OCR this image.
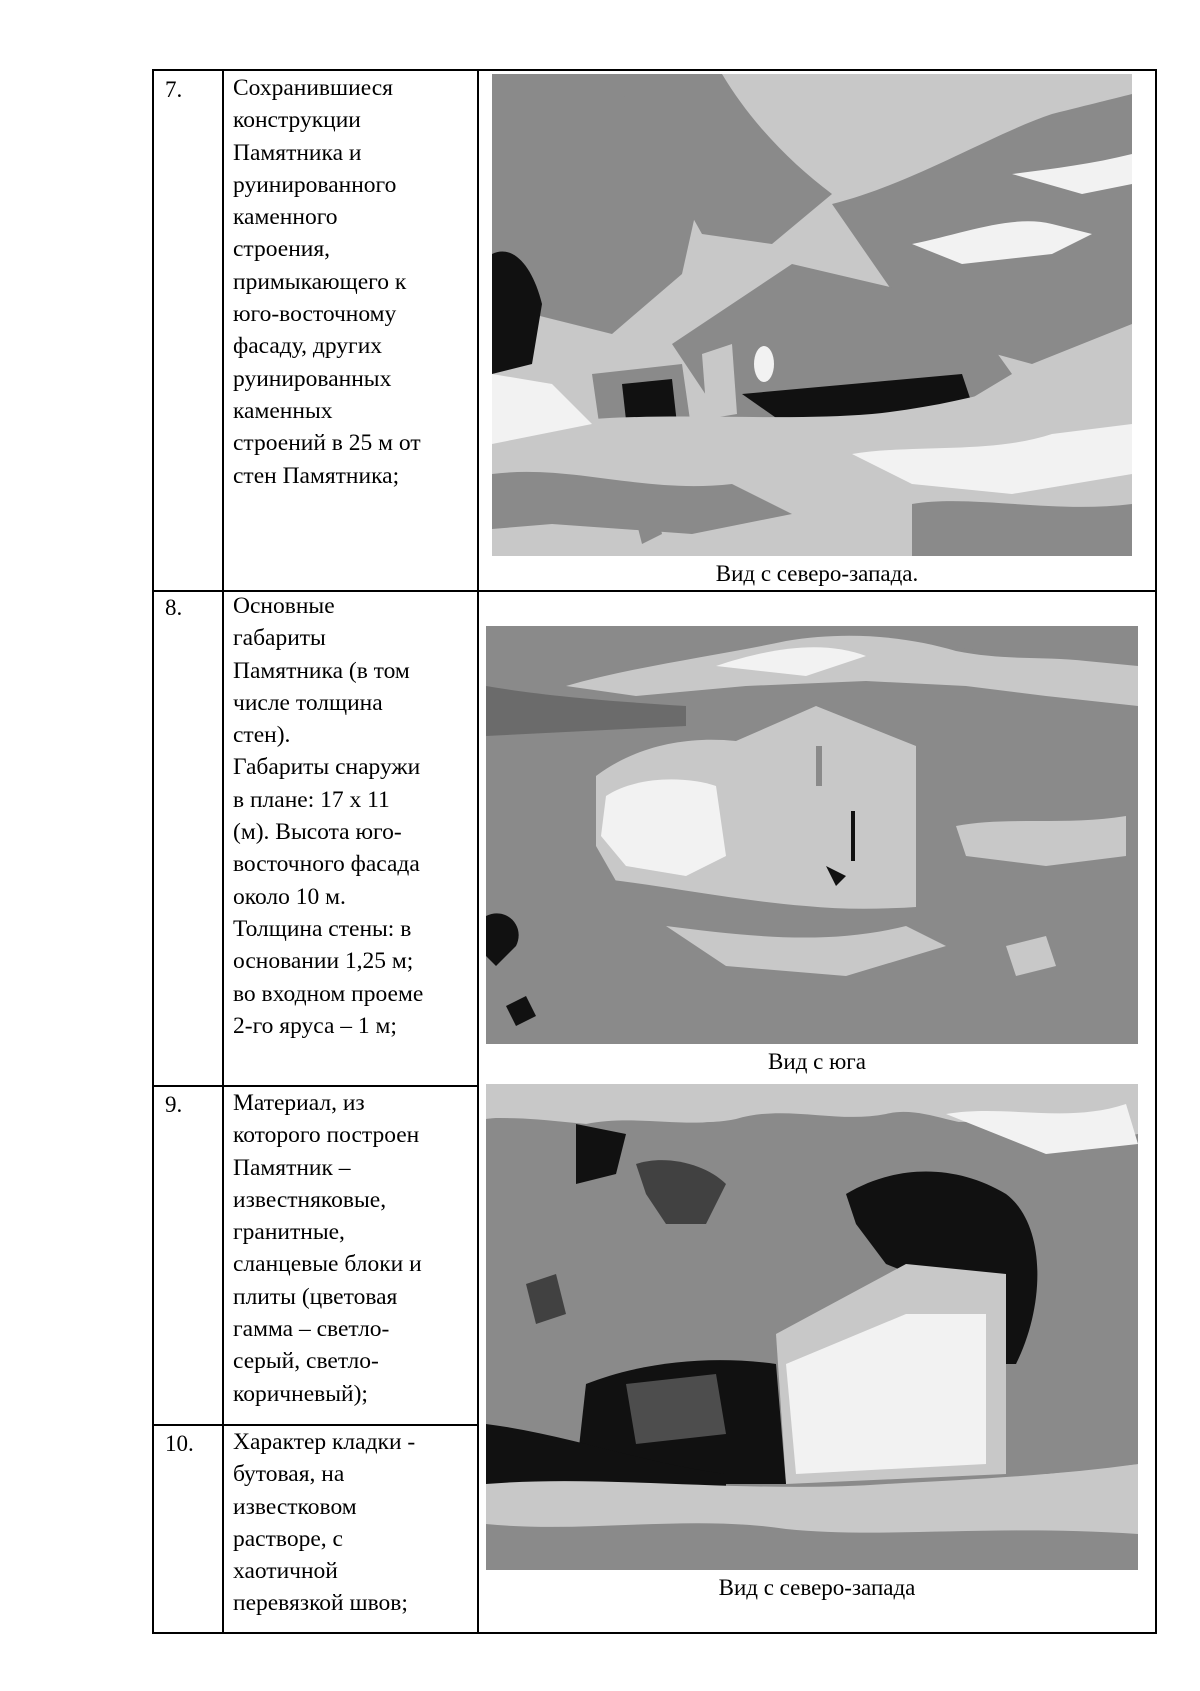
7.
8.
9.
10.
Сохранившиеся
конструкции
Памятника и
руинированного
каменного
строения,
примыкающего к
юго-восточному
фасаду, других
руинированных
каменных
строений в 25 м от
стен Памятника;
Основные
габариты
Памятника (в том
числе толщина
стен).
Габариты снаружи
в плане: 17 х 11
(м). Высота юго-
восточного фасада
около 10 м.
Толщина стены: в
основании 1,25 м;
во входном проеме
2-го яруса – 1 м;
Материал, из
которого построен
Памятник –
известняковые,
гранитные,
сланцевые блоки и
плиты (цветовая
гамма – светло-
серый, светло-
коричневый);
Характер кладки -
бутовая, на
известковом
растворе, с
хаотичной
перевязкой швов;
Вид с северо-запада.
Вид с юга
Вид с северо-запада
